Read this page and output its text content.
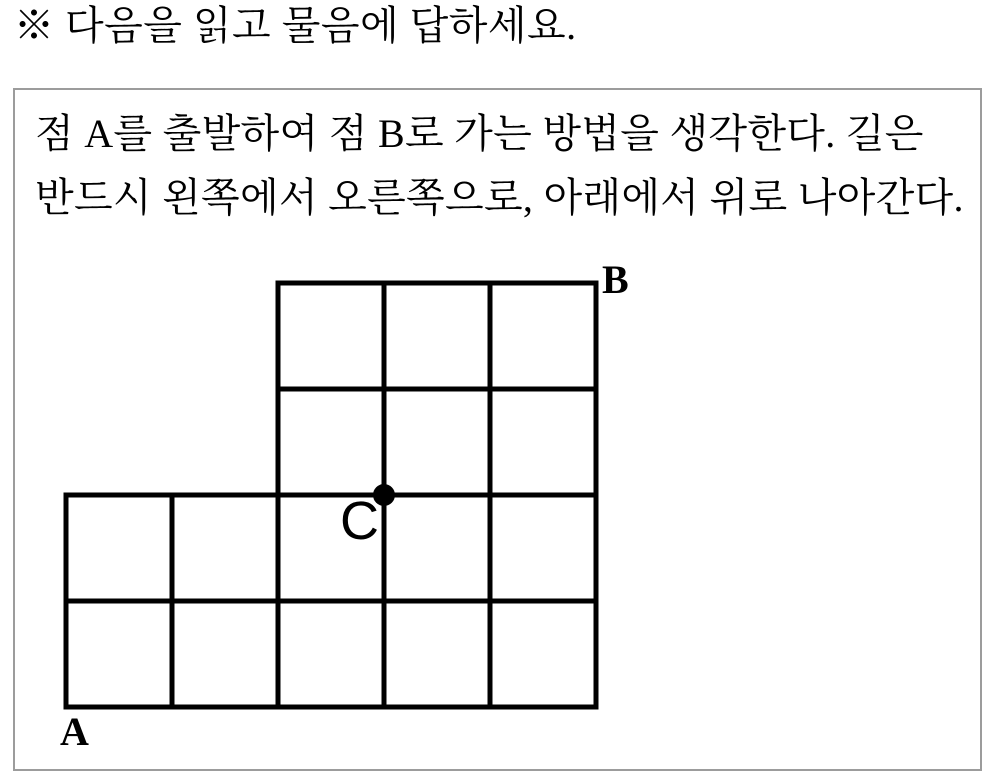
※ 다음을 읽고 물음에 답하세요.
점 A를 출발하여 점 B로 가는 방법을 생각한다. 길은
반드시 왼쪽에서 오른쪽으로, 아래에서 위로 나아간다.
A
B
C
